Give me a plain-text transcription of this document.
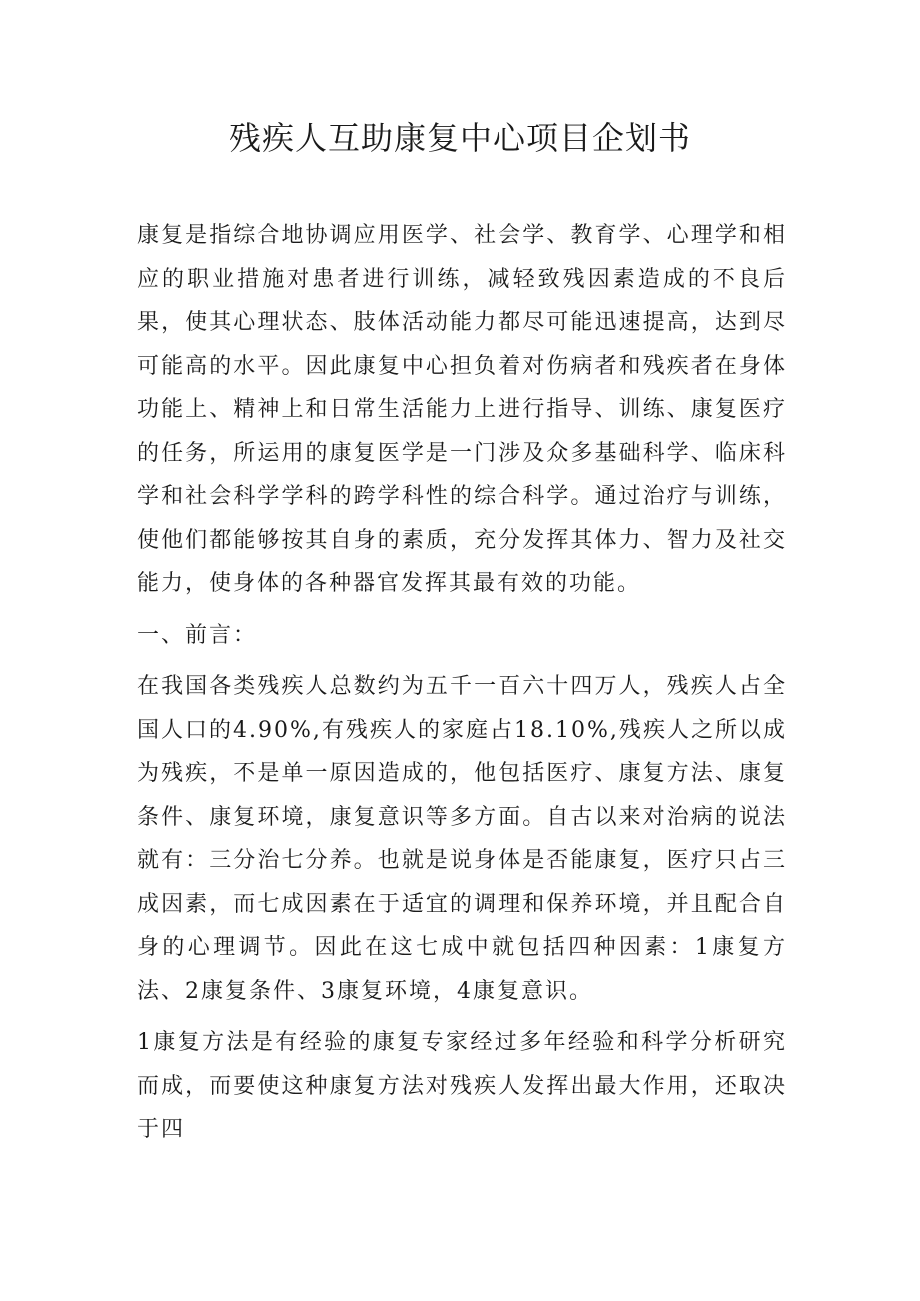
残疾人互助康复中心项目企划书

康复是指综合地协调应用医学、社会学、教育学、心理学和相应的职业措施对患者进行训练，减轻致残因素造成的不良后果，使其心理状态、肢体活动能力都尽可能迅速提高，达到尽可能高的水平。因此康复中心担负着对伤病者和残疾者在身体功能上、精神上和日常生活能力上进行指导、训练、康复医疗的任务，所运用的康复医学是一门涉及众多基础科学、临床科学和社会科学学科的跨学科性的综合科学。通过治疗与训练，使他们都能够按其自身的素质，充分发挥其体力、智力及社交能力，使身体的各种器官发挥其最有效的功能。

一、前言：

在我国各类残疾人总数约为五千一百六十四万人，残疾人占全国人口的4.90%,有残疾人的家庭占18.10%,残疾人之所以成为残疾，不是单一原因造成的，他包括医疗、康复方法、康复条件、康复环境，康复意识等多方面。自古以来对治病的说法就有：三分治七分养。也就是说身体是否能康复，医疗只占三成因素，而七成因素在于适宜的调理和保养环境，并且配合自身的心理调节。因此在这七成中就包括四种因素：1康复方法、2康复条件、3康复环境，4康复意识。

1康复方法是有经验的康复专家经过多年经验和科学分析研究而成，而要使这种康复方法对残疾人发挥出最大作用，还取决于四
